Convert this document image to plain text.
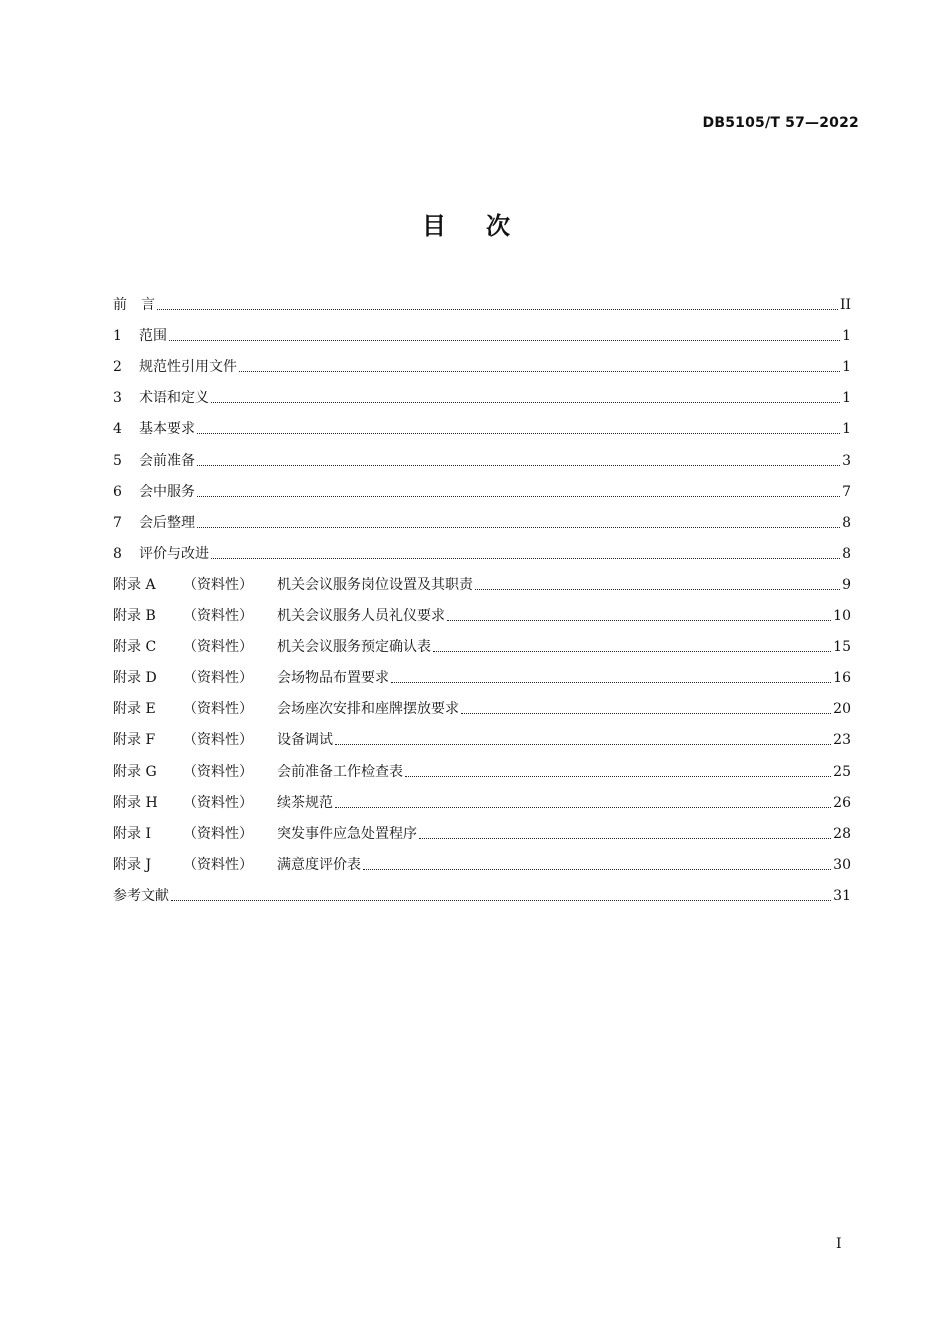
DB5105/T 57—2022
目次
前　言	II
1	范围	1
2	规范性引用文件	1
3	术语和定义	1
4	基本要求	1
5	会前准备	3
6	会中服务	7
7	会后整理	8
8	评价与改进	8
附录 A	（资料性）	机关会议服务岗位设置及其职责	9
附录 B	（资料性）	机关会议服务人员礼仪要求	10
附录 C	（资料性）	机关会议服务预定确认表	15
附录 D	（资料性）	会场物品布置要求	16
附录 E	（资料性）	会场座次安排和座牌摆放要求	20
附录 F	（资料性）	设备调试	23
附录 G	（资料性）	会前准备工作检查表	25
附录 H	（资料性）	续茶规范	26
附录 I	（资料性）	突发事件应急处置程序	28
附录 J	（资料性）	满意度评价表	30
参考文献	31
I
